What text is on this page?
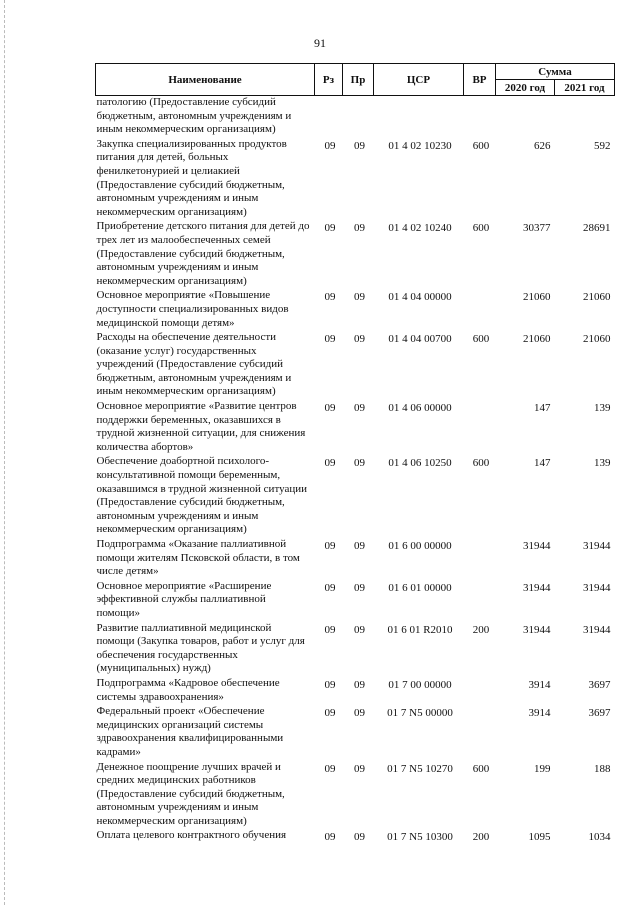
91
Наименование	Рз	Пр	ЦСР	ВР	Сумма	
					2020 год	2021 год
патологию (Предоставление субсидий бюджетным, автономным учреждениям и иным некоммерческим организациям)						
Закупка специализированных продуктов питания для детей, больных фенилкетонурией и целиакией (Предоставление субсидий бюджетным, автономным учреждениям и иным некоммерческим организациям)	09	09	01 4 02 10230	600	626	592
Приобретение детского питания для детей до трех лет из малообеспеченных семей (Предоставление субсидий бюджетным, автономным учреждениям и иным некоммерческим организациям)	09	09	01 4 02 10240	600	30377	28691
Основное мероприятие «Повышение доступности специализированных видов медицинской помощи детям»	09	09	01 4 04 00000		21060	21060
Расходы на обеспечение деятельности (оказание услуг) государственных учреждений (Предоставление субсидий бюджетным, автономным учреждениям и иным некоммерческим организациям)	09	09	01 4 04 00700	600	21060	21060
Основное мероприятие «Развитие центров поддержки беременных, оказавшихся в трудной жизненной ситуации, для снижения количества абортов»	09	09	01 4 06 00000		147	139
Обеспечение доабортной психолого-консультативной помощи беременным, оказавшимся в трудной жизненной ситуации (Предоставление субсидий бюджетным, автономным учреждениям и иным некоммерческим организациям)	09	09	01 4 06 10250	600	147	139
Подпрограмма «Оказание паллиативной помощи жителям Псковской области, в том числе детям»	09	09	01 6 00 00000		31944	31944
Основное мероприятие «Расширение эффективной службы паллиативной помощи»	09	09	01 6 01 00000		31944	31944
Развитие паллиативной медицинской помощи (Закупка товаров, работ и услуг для обеспечения государственных (муниципальных) нужд)	09	09	01 6 01 R2010	200	31944	31944
Подпрограмма «Кадровое обеспечение системы здравоохранения»	09	09	01 7 00 00000		3914	3697
Федеральный проект «Обеспечение медицинских организаций системы здравоохранения квалифицированными кадрами»	09	09	01 7 N5 00000		3914	3697
Денежное поощрение лучших врачей и средних медицинских работников (Предоставление субсидий бюджетным, автономным учреждениям и иным некоммерческим организациям)	09	09	01 7 N5 10270	600	199	188
Оплата целевого контрактного обучения	09	09	01 7 N5 10300	200	1095	1034
